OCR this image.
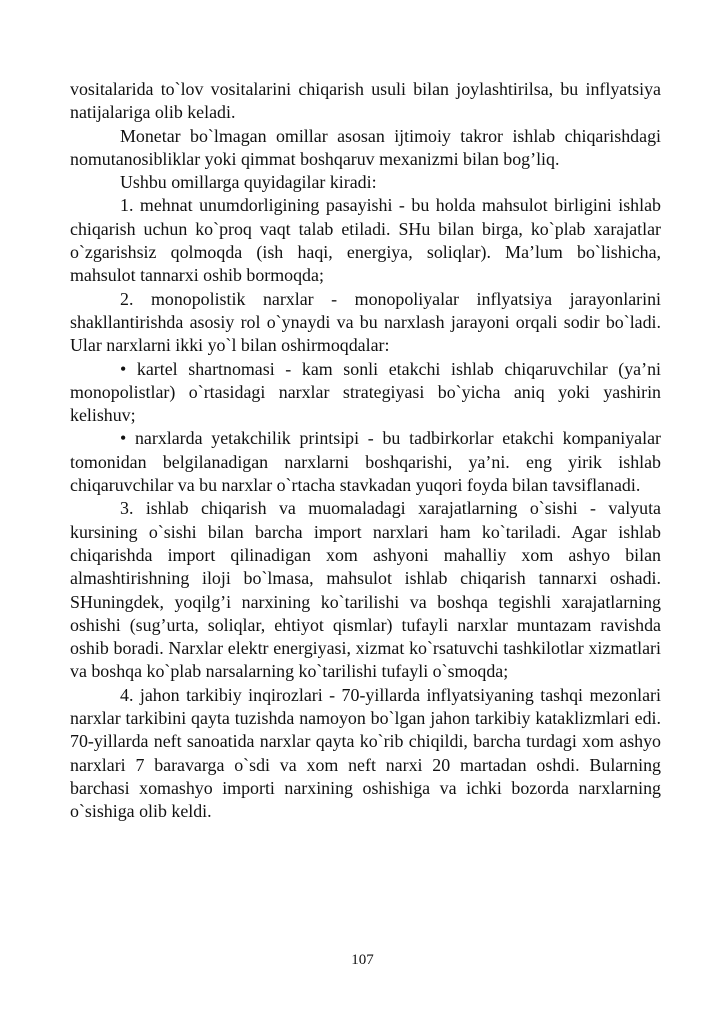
vositalarida to`lov vositalarini chiqarish usuli bilan joylashtirilsa, bu inflyatsiya natijalariga olib keladi.

Monetar bo`lmagan omillar asosan ijtimoiy takror ishlab chiqarishdagi nomutanosibliklar yoki qimmat boshqaruv mexanizmi bilan bog’liq.

Ushbu omillarga quyidagilar kiradi:

1. mehnat unumdorligining pasayishi - bu holda mahsulot birligini ishlab chiqarish uchun ko`proq vaqt talab etiladi. SHu bilan birga, ko`plab xarajatlar o`zgarishsiz qolmoqda (ish haqi, energiya, soliqlar). Ma’lum bo`lishicha, mahsulot tannarxi oshib bormoqda;

2. monopolistik narxlar - monopoliyalar inflyatsiya jarayonlarini shakllantirishda asosiy rol o`ynaydi va bu narxlash jarayoni orqali sodir bo`ladi. Ular narxlarni ikki yo`l bilan oshirmoqdalar:

• kartel shartnomasi - kam sonli etakchi ishlab chiqaruvchilar (ya’ni monopolistlar) o`rtasidagi narxlar strategiyasi bo`yicha aniq yoki yashirin kelishuv;

• narxlarda yetakchilik printsipi - bu tadbirkorlar etakchi kompaniyalar tomonidan belgilanadigan narxlarni boshqarishi, ya’ni. eng yirik ishlab chiqaruvchilar va bu narxlar o`rtacha stavkadan yuqori foyda bilan tavsiflanadi.

3. ishlab chiqarish va muomaladagi xarajatlarning o`sishi - valyuta kursining o`sishi bilan barcha import narxlari ham ko`tariladi. Agar ishlab chiqarishda import qilinadigan xom ashyoni mahalliy xom ashyo bilan almashtirishning iloji bo`lmasa, mahsulot ishlab chiqarish tannarxi oshadi. SHuningdek, yoqilg’i narxining ko`tarilishi va boshqa tegishli xarajatlarning oshishi (sug’urta, soliqlar, ehtiyot qismlar) tufayli narxlar muntazam ravishda oshib boradi. Narxlar elektr energiyasi, xizmat ko`rsatuvchi tashkilotlar xizmatlari va boshqa ko`plab narsalarning ko`tarilishi tufayli o`smoqda;

4. jahon tarkibiy inqirozlari - 70-yillarda inflyatsiyaning tashqi mezonlari narxlar tarkibini qayta tuzishda namoyon bo`lgan jahon tarkibiy kataklizmlari edi. 70-yillarda neft sanoatida narxlar qayta ko`rib chiqildi, barcha turdagi xom ashyo narxlari 7 baravarga o`sdi va xom neft narxi 20 martadan oshdi. Bularning barchasi xomashyo importi narxining oshishiga va ichki bozorda narxlarning o`sishiga olib keldi.

107
